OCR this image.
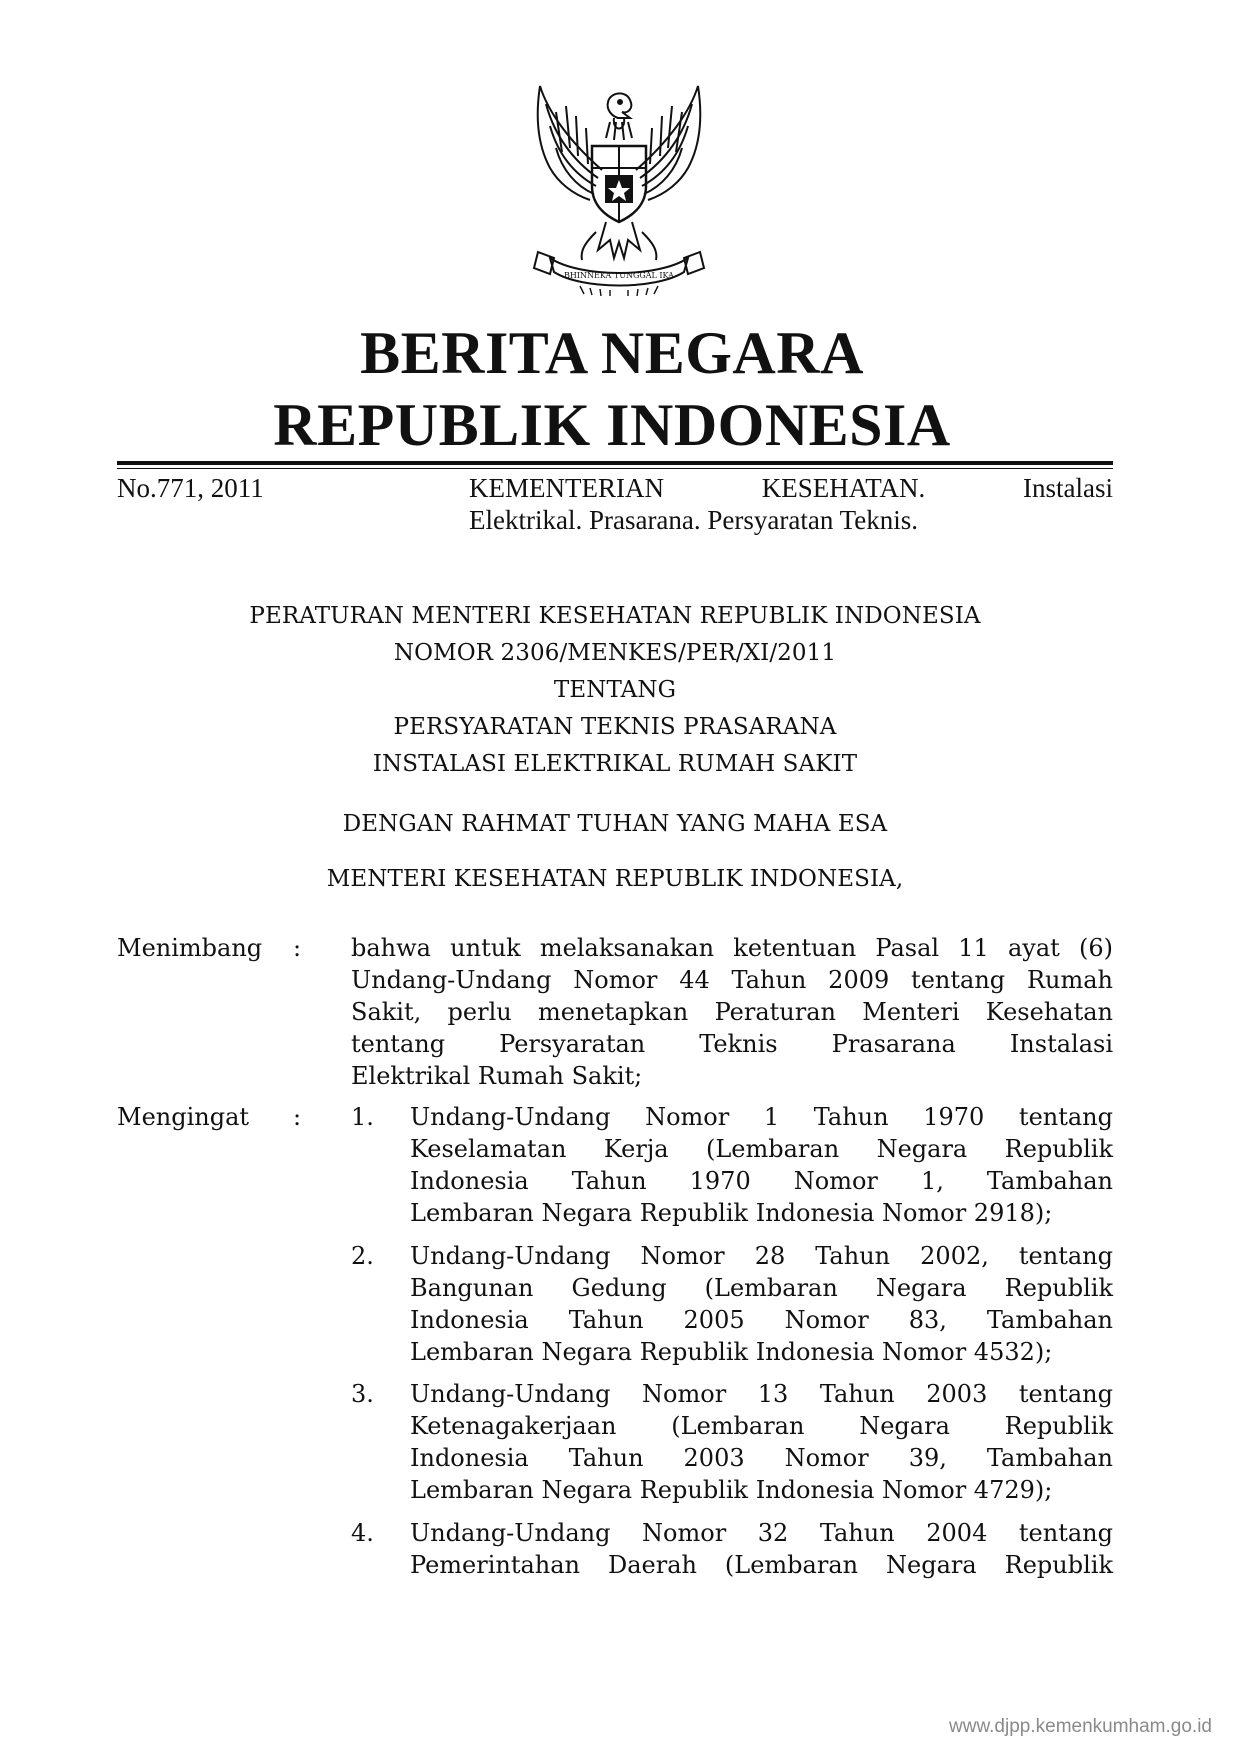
BHINNEKA TUNGGAL IKA
BERITA NEGARA
REPUBLIK INDONESIA
No.771, 2011	KEMENTERIAN KESEHATAN. Instalasi
Elektrikal. Prasarana. Persyaratan Teknis.
PERATURAN MENTERI KESEHATAN REPUBLIK INDONESIA
NOMOR 2306/MENKES/PER/XI/2011
TENTANG
PERSYARATAN TEKNIS PRASARANA
INSTALASI ELEKTRIKAL RUMAH SAKIT
DENGAN RAHMAT TUHAN YANG MAHA ESA
MENTERI KESEHATAN REPUBLIK INDONESIA,
Menimbang : bahwa untuk melaksanakan ketentuan Pasal 11 ayat (6)
Undang-Undang Nomor 44 Tahun 2009 tentang Rumah
Sakit, perlu menetapkan Peraturan Menteri Kesehatan
tentang Persyaratan Teknis Prasarana Instalasi
Elektrikal Rumah Sakit;
Mengingat : 1. Undang-Undang Nomor 1 Tahun 1970 tentang
Keselamatan Kerja (Lembaran Negara Republik
Indonesia Tahun 1970 Nomor 1, Tambahan
Lembaran Negara Republik Indonesia Nomor 2918);
2. Undang-Undang Nomor 28 Tahun 2002, tentang
Bangunan Gedung (Lembaran Negara Republik
Indonesia Tahun 2005 Nomor 83, Tambahan
Lembaran Negara Republik Indonesia Nomor 4532);
3. Undang-Undang Nomor 13 Tahun 2003 tentang
Ketenagakerjaan (Lembaran Negara Republik
Indonesia Tahun 2003 Nomor 39, Tambahan
Lembaran Negara Republik Indonesia Nomor 4729);
4. Undang-Undang Nomor 32 Tahun 2004 tentang
Pemerintahan Daerah (Lembaran Negara Republik
www.djpp.kemenkumham.go.id
